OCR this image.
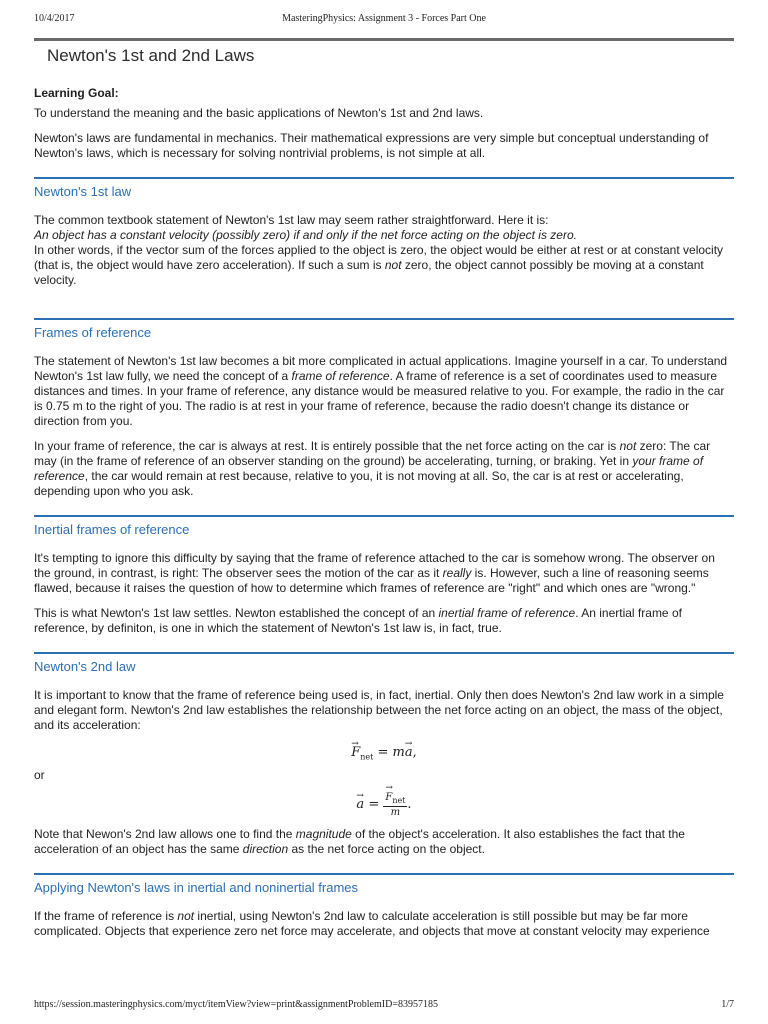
10/4/2017	MasteringPhysics: Assignment 3 - Forces Part One
Newton's 1st and 2nd Laws
Learning Goal:

To understand the meaning and the basic applications of Newton's 1st and 2nd laws.

Newton's laws are fundamental in mechanics. Their mathematical expressions are very simple but conceptual understanding of Newton's laws, which is necessary for solving nontrivial problems, is not simple at all.

Newton's 1st law

The common textbook statement of Newton's 1st law may seem rather straightforward. Here it is:
An object has a constant velocity (possibly zero) if and only if the net force acting on the object is zero.
In other words, if the vector sum of the forces applied to the object is zero, the object would be either at rest or at constant velocity (that is, the object would have zero acceleration). If such a sum is not zero, the object cannot possibly be moving at a constant velocity.

Frames of reference

The statement of Newton's 1st law becomes a bit more complicated in actual applications. Imagine yourself in a car. To understand Newton's 1st law fully, we need the concept of a frame of reference. A frame of reference is a set of coordinates used to measure distances and times. In your frame of reference, any distance would be measured relative to you. For example, the radio in the car is 0.75 m to the right of you. The radio is at rest in your frame of reference, because the radio doesn't change its distance or direction from you.

In your frame of reference, the car is always at rest. It is entirely possible that the net force acting on the car is not zero: The car may (in the frame of reference of an observer standing on the ground) be accelerating, turning, or braking. Yet in your frame of reference, the car would remain at rest because, relative to you, it is not moving at all. So, the car is at rest or accelerating, depending upon who you ask.

Inertial frames of reference

It's tempting to ignore this difficulty by saying that the frame of reference attached to the car is somehow wrong. The observer on the ground, in contrast, is right: The observer sees the motion of the car as it really is. However, such a line of reasoning seems flawed, because it raises the question of how to determine which frames of reference are "right" and which ones are "wrong."

This is what Newton's 1st law settles. Newton established the concept of an inertial frame of reference. An inertial frame of reference, by definiton, is one in which the statement of Newton's 1st law is, in fact, true.

Newton's 2nd law

It is important to know that the frame of reference being used is, in fact, inertial. Only then does Newton's 2nd law work in a simple and elegant form. Newton's 2nd law establishes the relationship between the net force acting on an object, the mass of the object, and its acceleration:

→ $F_{net} = m\to a$,
or
→ a =
→ $\frac{F_{net}}{m}$ .

Note that Newon's 2nd law allows one to find the magnitude of the object's acceleration. It also establishes the fact that the acceleration of an object has the same direction as the net force acting on the object.

Applying Newton's laws in inertial and noninertial frames

If the frame of reference is not inertial, using Newton's 2nd law to calculate acceleration is still possible but may be far more complicated. Objects that experience zero net force may accelerate, and objects that move at constant velocity may experience

https://session.masteringphysics.com/myct/itemView?view=print&assignmentProblemID=83957185	1/7
